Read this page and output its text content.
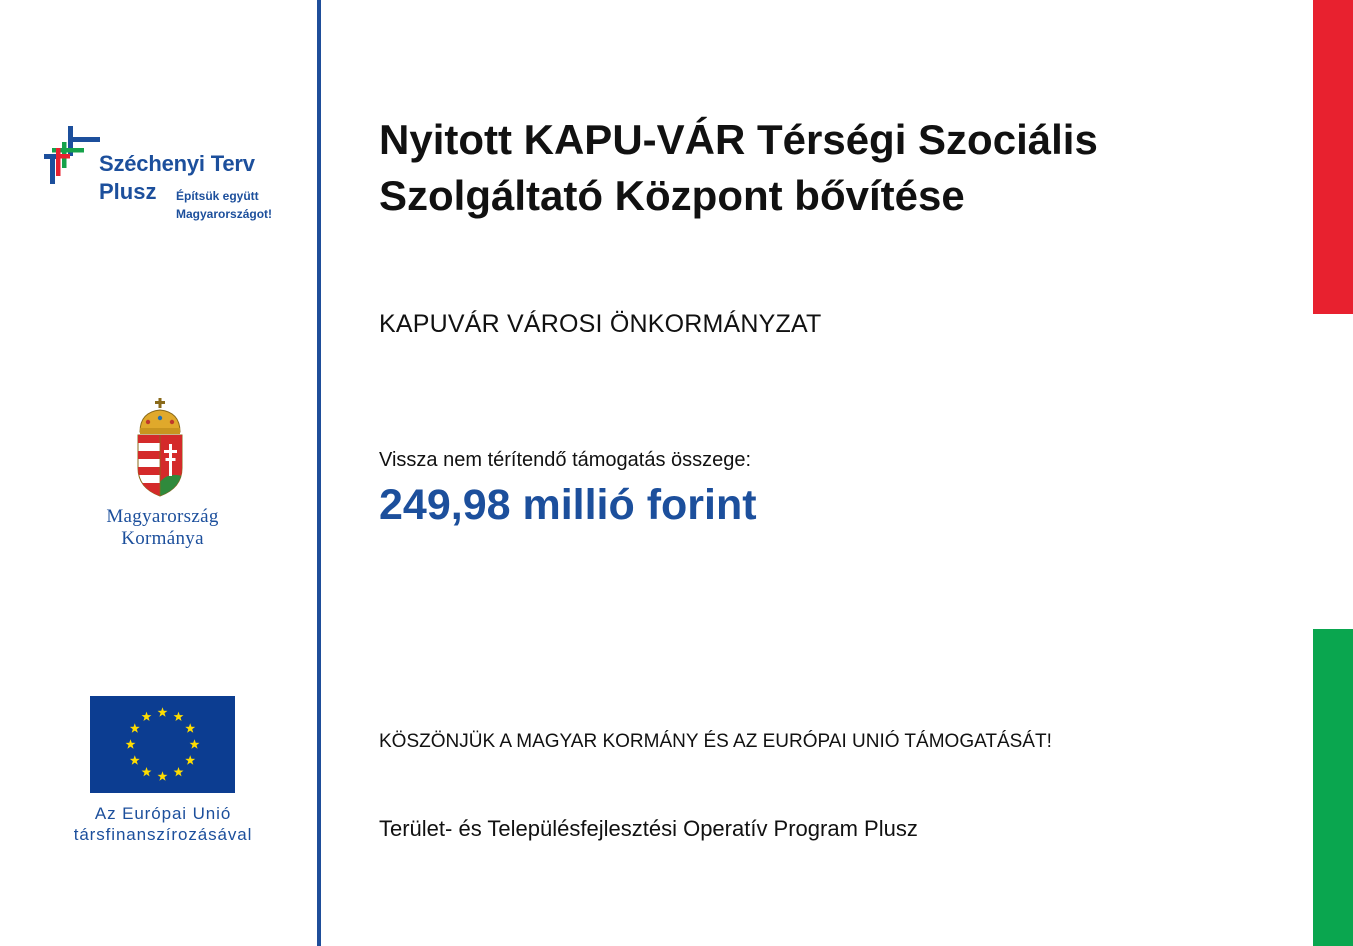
Széchenyi Terv
Plusz Építsük együtt
Magyarországot!
Magyarország
Kormánya
Az Európai Unió
társfinanszírozásával
Nyitott KAPU-VÁR Térségi Szociális
Szolgáltató Központ bővítése
KAPUVÁR VÁROSI ÖNKORMÁNYZAT
Vissza nem térítendő támogatás összege:
249,98 millió forint
KÖSZÖNJÜK A MAGYAR KORMÁNY ÉS AZ EURÓPAI UNIÓ TÁMOGATÁSÁT!
Terület- és Településfejlesztési Operatív Program Plusz
